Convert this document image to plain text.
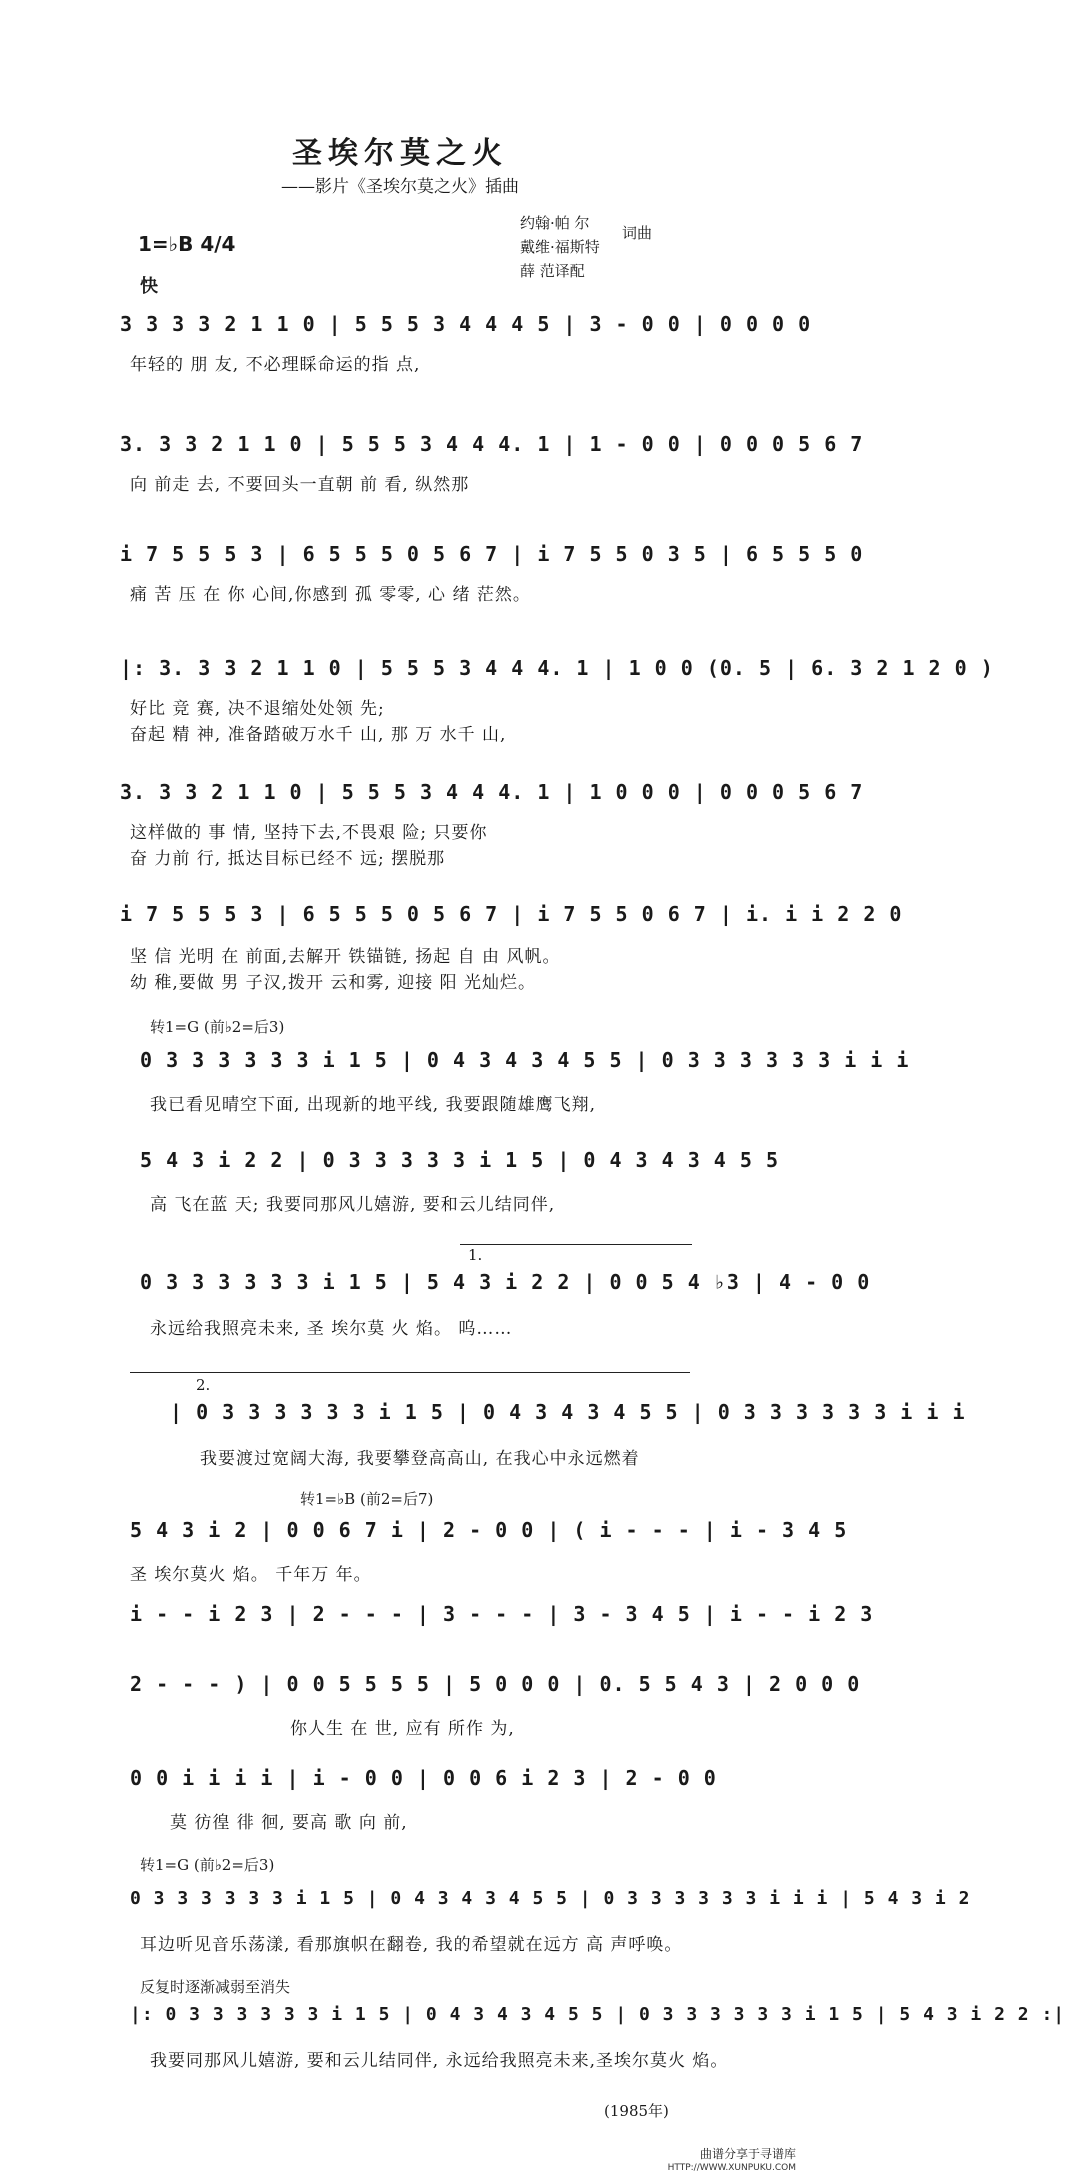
圣埃尔莫之火
——影片《圣埃尔莫之火》插曲
1=♭B 4/4
快
约翰·帕 尔
戴维·福斯特
薛 范译配
词曲
3 3 3 3 2 1 1 0 | 5 5 5 3 4 4 4 5 | 3 - 0 0 | 0 0 0 0
年轻的 朋 友, 不必理睬命运的指 点,
3. 3 3 2 1 1 0 | 5 5 5 3 4 4 4. 1 | 1 - 0 0 | 0 0 0 5 6 7
向 前走 去, 不要回头一直朝 前 看, 纵然那
i 7 5 5 5 3 | 6 5 5 5 0 5 6 7 | i 7 5 5 0 3 5 | 6 5 5 5 0
痛 苦 压 在 你 心间,你感到 孤 零零, 心 绪 茫然。
|: 3. 3 3 2 1 1 0 | 5 5 5 3 4 4 4. 1 | 1 0 0 (0. 5 | 6. 3 2 1 2 0 )
好比 竞 赛, 决不退缩处处领 先;
奋起 精 神, 准备踏破万水千 山, 那 万 水千 山,
3. 3 3 2 1 1 0 | 5 5 5 3 4 4 4. 1 | 1 0 0 0 | 0 0 0 5 6 7
这样做的 事 情, 坚持下去,不畏艰 险; 只要你
奋 力前 行, 抵达目标已经不 远; 摆脱那
i 7 5 5 5 3 | 6 5 5 5 0 5 6 7 | i 7 5 5 0 6 7 | i. i i 2 2 0
坚 信 光明 在 前面,去解开 铁锚链, 扬起 自 由 风帆。
幼 稚,要做 男 子汉,拨开 云和雾, 迎接 阳 光灿烂。
转1=G (前♭2=后3)
0 3 3 3 3 3 3 i 1 5 | 0 4 3 4 3 4 5 5 | 0 3 3 3 3 3 3 i i i
我已看见晴空下面, 出现新的地平线, 我要跟随雄鹰飞翔,
5 4 3 i 2 2 | 0 3 3 3 3 3 i 1 5 | 0 4 3 4 3 4 5 5
高 飞在蓝 天; 我要同那风儿嬉游, 要和云儿结同伴,
1.
0 3 3 3 3 3 3 i 1 5 | 5 4 3 i 2 2 | 0 0 5 4 ♭3 | 4 - 0 0
永远给我照亮未来, 圣 埃尔莫 火 焰。 呜……
2.
| 0 3 3 3 3 3 3 i 1 5 | 0 4 3 4 3 4 5 5 | 0 3 3 3 3 3 3 i i i
我要渡过宽阔大海, 我要攀登高高山, 在我心中永远燃着
转1=♭B (前2=后7)
5 4 3 i 2 | 0 0 6 7 i | 2 - 0 0 | ( i - - - | i - 3 4 5
圣 埃尔莫火 焰。 千年万 年。
i - - i 2 3 | 2 - - - | 3 - - - | 3 - 3 4 5 | i - - i 2 3
2 - - - ) | 0 0 5 5 5 5 | 5 0 0 0 | 0. 5 5 4 3 | 2 0 0 0
你人生 在 世, 应有 所作 为,
0 0 i i i i | i - 0 0 | 0 0 6 i 2 3 | 2 - 0 0
莫 彷徨 徘 徊, 要高 歌 向 前,
转1=G (前♭2=后3)
0 3 3 3 3 3 3 i 1 5 | 0 4 3 4 3 4 5 5 | 0 3 3 3 3 3 3 i i i | 5 4 3 i 2
耳边听见音乐荡漾, 看那旗帜在翻卷, 我的希望就在远方 高 声呼唤。
反复时逐渐减弱至消失
|: 0 3 3 3 3 3 3 i 1 5 | 0 4 3 4 3 4 5 5 | 0 3 3 3 3 3 3 i 1 5 | 5 4 3 i 2 2 :|
我要同那风儿嬉游, 要和云儿结同伴, 永远给我照亮未来,圣埃尔莫火 焰。
(1985年)
曲谱分享于寻谱库
HTTP://WWW.XUNPUKU.COM
